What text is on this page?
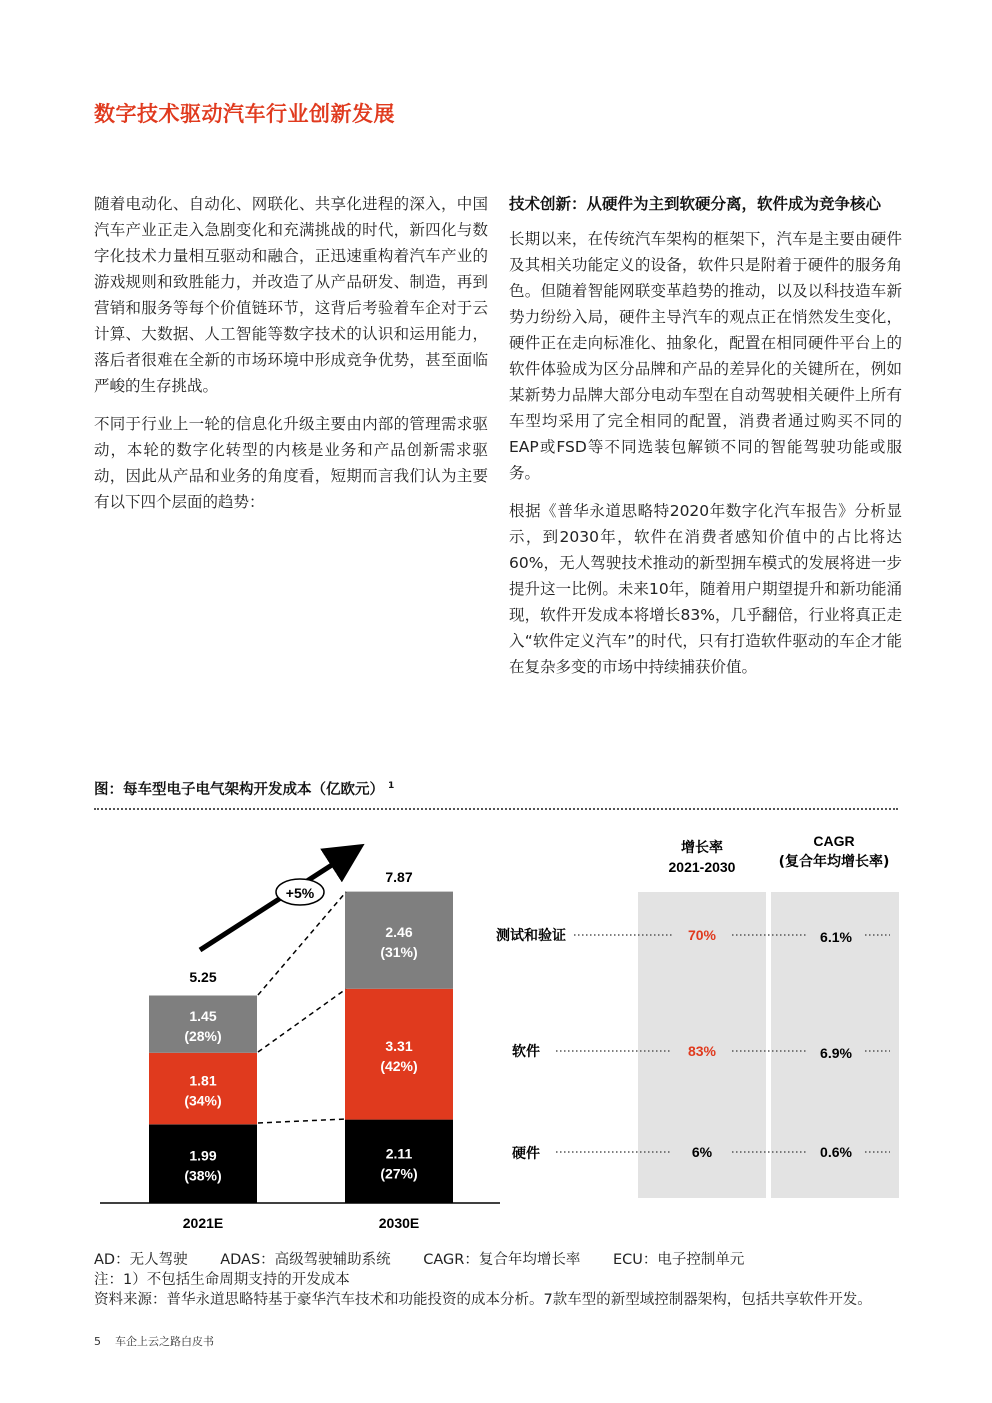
数字技术驱动汽车行业创新发展

随着电动化、自动化、网联化、共享化进程的深入，中国汽车产业正走入急剧变化和充满挑战的时代，新四化与数字化技术力量相互驱动和融合，正迅速重构着汽车产业的游戏规则和致胜能力，并改造了从产品研发、制造，再到营销和服务等每个价值链环节，这背后考验着车企对于云计算、大数据、人工智能等数字技术的认识和运用能力，落后者很难在全新的市场环境中形成竞争优势，甚至面临严峻的生存挑战。

不同于行业上一轮的信息化升级主要由内部的管理需求驱动，本轮的数字化转型的内核是业务和产品创新需求驱动，因此从产品和业务的角度看，短期而言我们认为主要有以下四个层面的趋势：

技术创新：从硬件为主到软硬分离，软件成为竞争核心

长期以来，在传统汽车架构的框架下，汽车是主要由硬件及其相关功能定义的设备，软件只是附着于硬件的服务角色。但随着智能网联变革趋势的推动，以及以科技造车新势力纷纷入局，硬件主导汽车的观点正在悄然发生变化，硬件正在走向标准化、抽象化，配置在相同硬件平台上的软件体验成为区分品牌和产品的差异化的关键所在，例如某新势力品牌大部分电动车型在自动驾驶相关硬件上所有车型均采用了完全相同的配置，消费者通过购买不同的EAP或FSD等不同选装包解锁不同的智能驾驶功能或服务。

根据《普华永道思略特2020年数字化汽车报告》分析显示，到2030年，软件在消费者感知价值中的占比将达60%，无人驾驶技术推动的新型拥车模式的发展将进一步提升这一比例。未来10年，随着用户期望提升和新功能涌现，软件开发成本将增长83%，几乎翻倍，行业将真正走入“软件定义汽车”的时代，只有打造软件驱动的车企才能在复杂多变的市场中持续捕获价值。

图：每车型电子电气架构开发成本（亿欧元） $^1$
1.99
(38%)
1.81
(34%)
1.45
(28%)
2.11
(27%)
3.31
(42%)
2.46
(31%)
+5%
5.25
7.87
2021E	2030E
增长率
2021-2030
CAGR
(复合年均增长率)
测试和验证	70%	6.1%
软件	83%	6.9%
硬件	6%	0.6%
AD：无人驾驶 ADAS：高级驾驶辅助系统 CAGR：复合年均增长率 ECU：电子控制单元
注：1）不包括生命周期支持的开发成本
资料来源：普华永道思略特基于豪华汽车技术和功能投资的成本分析。7款车型的新型域控制器架构，包括共享软件开发。
5 车企上云之路白皮书
